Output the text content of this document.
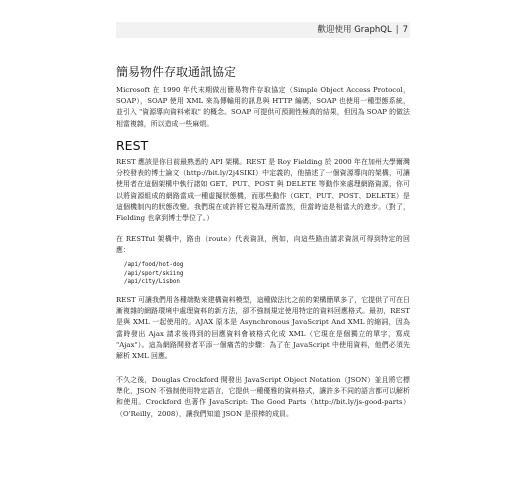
歡迎使用 GraphQL | 7
簡易物件存取通訊協定

Microsoft 在 1990 年代末期做出簡易物件存取協定（Simple Object Access Protocol，SOAP），SOAP 使用 XML 來為傳輸用的訊息與 HTTP 編碼，SOAP 也使用一種型態系統，並引入 "資源導向資料索取" 的概念。SOAP 可提供可預測性極高的結果，但因為 SOAP 的做法相當複雜，所以造成一些麻煩。

REST

REST 應該是你目前最熟悉的 API 架構。REST 是 Roy Fielding 於 2000 年在加州大學爾灣分校發表的博士論文（http://bit.ly/2j4SIKI）中定義的，他描述了一個資源導向的架構，可讓使用者在這個架構中執行諸如 GET、PUT、POST 與 DELETE 等動作來處理網路資源，你可以將資源組成的網路當成一種虛擬狀態機，而那些動作（GET、PUT、POST、DELETE）是這個機制內的狀態改變。我們現在或許將它視為理所當然，但當時這是相當大的進步。（對了，Fielding 也拿到博士學位了。）

在 RESTful 架構中，路由（route）代表資訊，例如，向這些路由請求資訊可得到特定的回應：

/api/food/hot-dog
/api/sport/skiing
/api/city/Lisbon

REST 可讓我們用各種端點來建構資料模型，這種做法比之前的架構簡單多了，它提供了可在日漸複雜的網路環境中處理資料的新方法，卻不強制規定使用特定的資料回應格式。最初，REST 是與 XML 一起使用的。AJAX 原本是 Asynchronous JavaScript And XML 的縮詞，因為當時發出 Ajax 請求後得到的回應資料會被格式化成 XML（它現在是個獨立的單字，寫成 "Ajax"）。這為網路開發者平添一個痛苦的步驟：為了在 JavaScript 中使用資料，他們必須先解析 XML 回應。

不久之後，Douglas Crockford 開發出 JavaScript Object Notation（JSON）並且將它標準化，JSON 不強制使用特定語言，它提供一種優雅的資料格式，讓許多不同的語言都可以解析和使用。Crockford 也著作 JavaScript: The Good Parts（http://bit.ly/js-good-parts）（O'Reilly，2008），讓我們知道 JSON 是很棒的成員。
